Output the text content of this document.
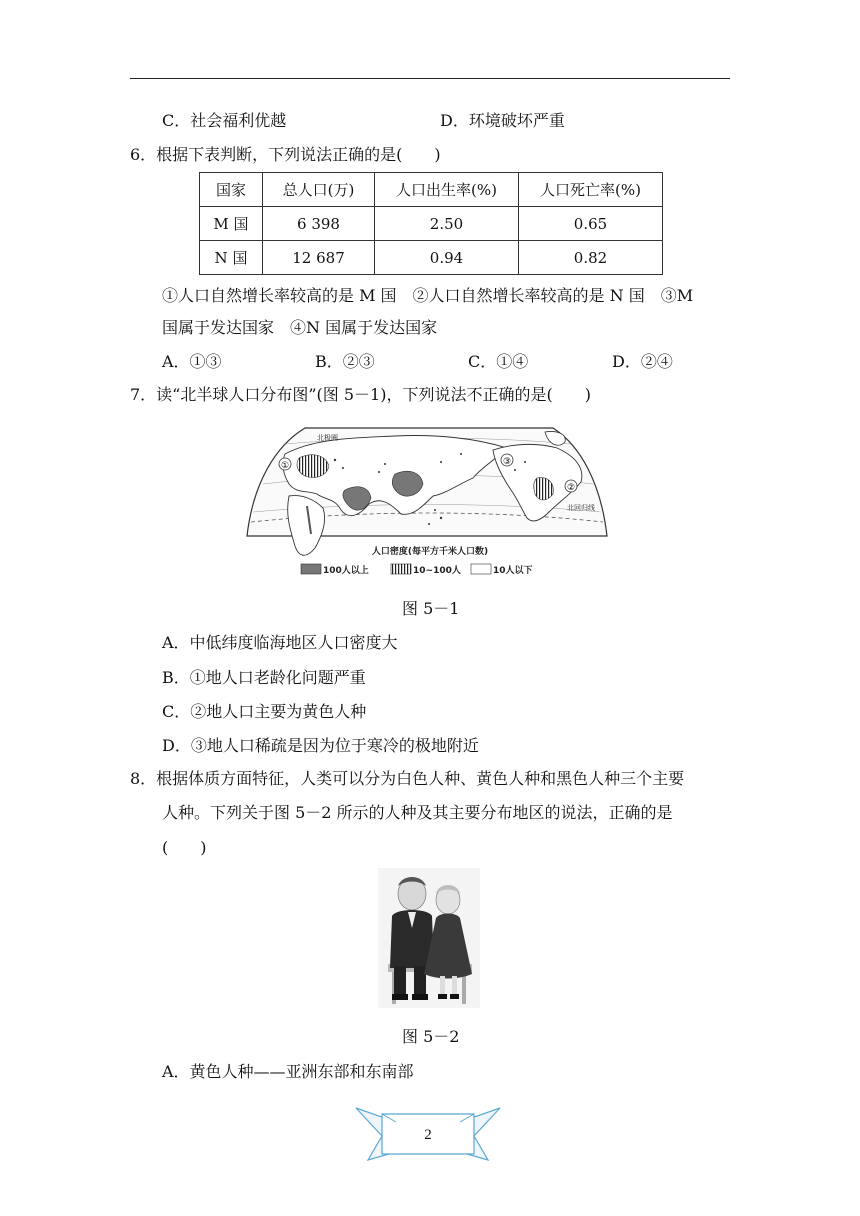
C．社会福利优越	D．环境破坏严重
6．根据下表判断，下列说法正确的是(　　)
国家	总人口(万)	人口出生率(%)	人口死亡率(%)
M 国	6 398	2.50	0.65
N 国	12 687	0.94	0.82
①人口自然增长率较高的是 M 国　②人口自然增长率较高的是 N 国　③M
国属于发达国家　④N 国属于发达国家
A．①③	B．②③	C．①④	D．②④
7．读“北半球人口分布图”(图 5－1)，下列说法不正确的是(　　)
①
②
③
北极圈
北回归线
人口密度(每平方千米人口数)
100人以上	10~100人	10人以下
图 5－1
A．中低纬度临海地区人口密度大
B．①地人口老龄化问题严重
C．②地人口主要为黄色人种
D．③地人口稀疏是因为位于寒冷的极地附近
8．根据体质方面特征，人类可以分为白色人种、黄色人种和黑色人种三个主要
人种。下列关于图 5－2 所示的人种及其主要分布地区的说法，正确的是
(　　)
图 5－2
A．黄色人种——亚洲东部和东南部
2
